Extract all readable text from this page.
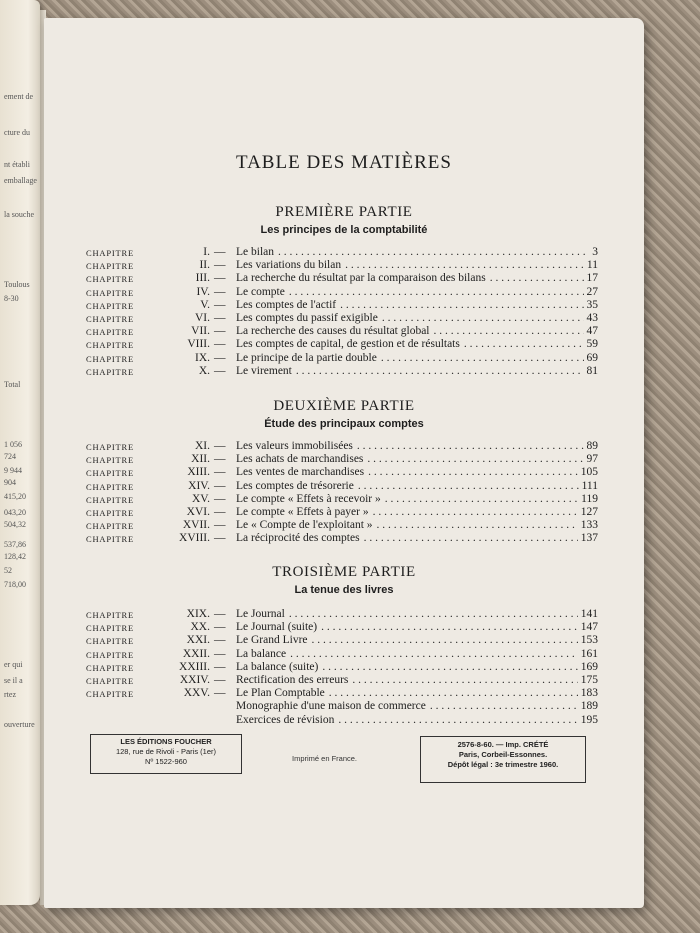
ement de
cture du
nt établi
emballage
la souche
Toulous
8-30
Total
1 056
724
9 944
904
415,20
043,20
504,32
537,86
128,42
52
718,00
er qui
se il a
rtez
ouverture
TABLE DES MATIÈRES
PREMIÈRE PARTIE
Les principes de la comptabilité
CHAPITRE	I. — Le bilan . . .	3
CHAPITRE	II. — Les variations du bilan . . .	11
CHAPITRE	III. — La recherche du résultat par la comparaison des bilans . . .	17
CHAPITRE	IV. — Le compte . . .	27
CHAPITRE	V. — Les comptes de l'actif . . .	35
CHAPITRE	VI. — Les comptes du passif exigible . . .	43
CHAPITRE	VII. — La recherche des causes du résultat global . . .	47
CHAPITRE	VIII. — Les comptes de capital, de gestion et de résultats . . .	59
CHAPITRE	IX. — Le principe de la partie double . . .	69
CHAPITRE	X. — Le virement . . .	81
DEUXIÈME PARTIE
Étude des principaux comptes
CHAPITRE	XI. — Les valeurs immobilisées . . .	89
CHAPITRE	XII. — Les achats de marchandises . . .	97
CHAPITRE	XIII. — Les ventes de marchandises . . .	105
CHAPITRE	XIV. — Les comptes de trésorerie . . .	111
CHAPITRE	XV. — Le compte « Effets à recevoir » . . .	119
CHAPITRE	XVI. — Le compte « Effets à payer » . . .	127
CHAPITRE	XVII. — Le « Compte de l'exploitant » . . .	133
CHAPITRE	XVIII. — La réciprocité des comptes . . .	137
TROISIÈME PARTIE
La tenue des livres
CHAPITRE	XIX. — Le Journal . . .	141
CHAPITRE	XX. — Le Journal (suite) . . .	147
CHAPITRE	XXI. — Le Grand Livre . . .	153
CHAPITRE	XXII. — La balance . . .	161
CHAPITRE	XXIII. — La balance (suite) . . .	169
CHAPITRE	XXIV. — Rectification des erreurs . . .	175
CHAPITRE	XXV. — Le Plan Comptable . . .	183
Monographie d'une maison de commerce . . .	189
Exercices de révision . . .	195
LES ÉDITIONS FOUCHER
128, rue de Rivoli - Paris (1er)
Nº 1522-960	Imprimé en France.
2576-8-60. — Imp. CRÉTÉ
Paris, Corbeil-Essonnes.
Dépôt légal : 3e trimestre 1960.
